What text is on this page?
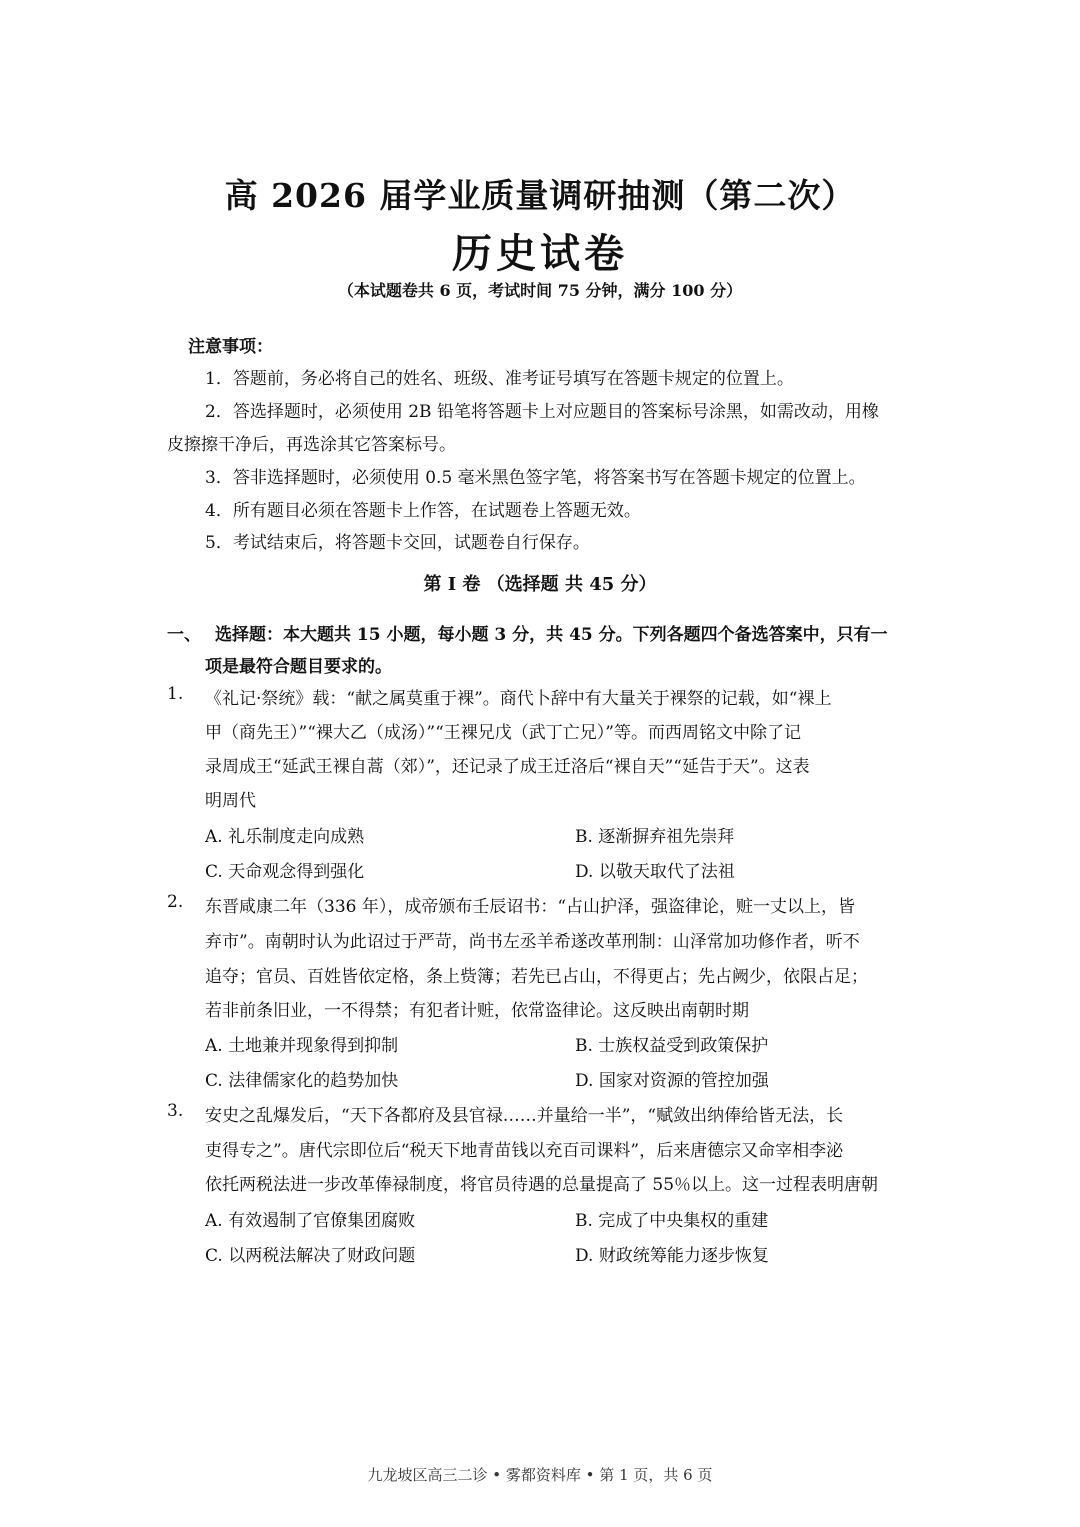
高 2026 届学业质量调研抽测（第二次）
历史试卷
（本试题卷共 6 页，考试时间 75 分钟，满分 100 分）
注意事项：
1．答题前，务必将自己的姓名、班级、准考证号填写在答题卡规定的位置上。
2．答选择题时，必须使用 2B 铅笔将答题卡上对应题目的答案标号涂黑，如需改动，用橡
皮擦擦干净后，再选涂其它答案标号。
3．答非选择题时，必须使用 0.5 毫米黑色签字笔，将答案书写在答题卡规定的位置上。
4．所有题目必须在答题卡上作答，在试题卷上答题无效。
5．考试结束后，将答题卡交回，试题卷自行保存。
第 I 卷 （选择题 共 45 分）
一、 选择题：本大题共 15 小题，每小题 3 分，共 45 分。下列各题四个备选答案中，只有一
项是最符合题目要求的。
1. 《礼记·祭统》载：“献之属莫重于裸”。商代卜辞中有大量关于裸祭的记载，如“裸上
甲（商先王）”“裸大乙（成汤）”“王裸兄戊（武丁亡兄）”等。而西周铭文中除了记
录周成王“延武王裸自蒿（郊）”，还记录了成王迁洛后“裸自天”“延告于天”。这表
明周代
A. 礼乐制度走向成熟	B. 逐渐摒弃祖先崇拜
C. 天命观念得到强化	D. 以敬天取代了法祖
2. 东晋咸康二年（336 年），成帝颁布壬辰诏书：“占山护泽，强盗律论，赃一丈以上，皆
弃市”。南朝时认为此诏过于严苛，尚书左丞羊希遂改革刑制：山泽常加功修作者，听不
追夺；官员、百姓皆依定格，条上赀簿；若先已占山，不得更占；先占阙少，依限占足；
若非前条旧业，一不得禁；有犯者计赃，依常盗律论。这反映出南朝时期
A. 土地兼并现象得到抑制	B. 士族权益受到政策保护
C. 法律儒家化的趋势加快	D. 国家对资源的管控加强
3. 安史之乱爆发后，“天下各都府及县官禄……并量给一半”，“赋敛出纳俸给皆无法，长
吏得专之”。唐代宗即位后“税天下地青苗钱以充百司课料”，后来唐德宗又命宰相李泌
依托两税法进一步改革俸禄制度，将官员待遇的总量提高了 55％以上。这一过程表明唐朝
A. 有效遏制了官僚集团腐败	B. 完成了中央集权的重建
C. 以两税法解决了财政问题	D. 财政统筹能力逐步恢复
九龙坡区高三二诊 • 雾都资料库 • 第 1 页，共 6 页
